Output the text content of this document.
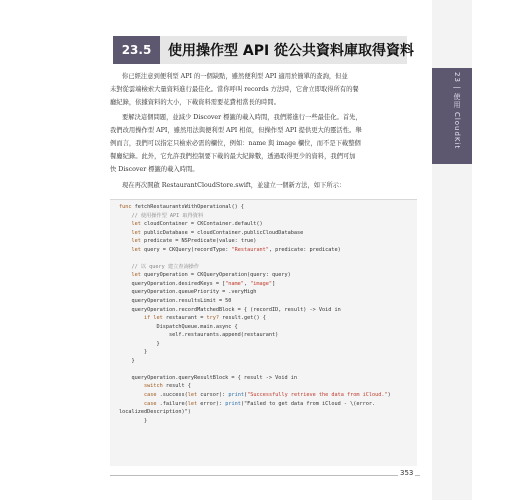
23 | 使用 CloudKit
23.5	使用操作型 API 從公共資料庫取得資料
你已經注意到便利型 API 的一個缺點，雖然便利型 API 適用於簡單的查詢，但並
未對從雲端檢索大量資料進行最佳化。當你呼叫 records 方法時，它會立即取得所有的餐
廳紀錄，依據資料的大小，下載資料需要花費相當長的時間。
要解決這個問題，並減少 Discover 標籤的載入時間，我們將進行一些最佳化。首先，
我們改用操作型 API，雖然用法與便利型 API 相似，但操作型 API 提供更大的靈活性。舉
例而言，我們可以指定只檢索必需的欄位，例如：name 與 image 欄位，而不是下載整個
餐廳紀錄。此外，它允許我們控制要下載的最大紀錄數，透過取得更少的資料，我們可加
快 Discover 標籤的載入時間。
現在再次開啟 RestaurantCloudStore.swift，並建立一個新方法，如下所示：
func fetchRestaurantsWithOperational() {
// 使用操作型 API 取得資料
let cloudContainer = CKContainer.default()
let publicDatabase = cloudContainer.publicCloudDatabase
let predicate = NSPredicate(value: true)
let query = CKQuery(recordType: "Restaurant", predicate: predicate)

// 以 query 建立查詢操作
let queryOperation = CKQueryOperation(query: query)
queryOperation.desiredKeys = ["name", "image"]
queryOperation.queuePriority = .veryHigh
queryOperation.resultsLimit = 50
queryOperation.recordMatchedBlock = { (recordID, result) -> Void in
if let restaurant = try? result.get() {
DispatchQueue.main.async {
self.restaurants.append(restaurant)
}
}
}

queryOperation.queryResultBlock = { result -> Void in
switch result {
case .success(let cursor): print("Successfully retrieve the data from iCloud.")
case .failure(let error): print("Failed to get data from iCloud - \(error.
localizedDescription)")
}
353
